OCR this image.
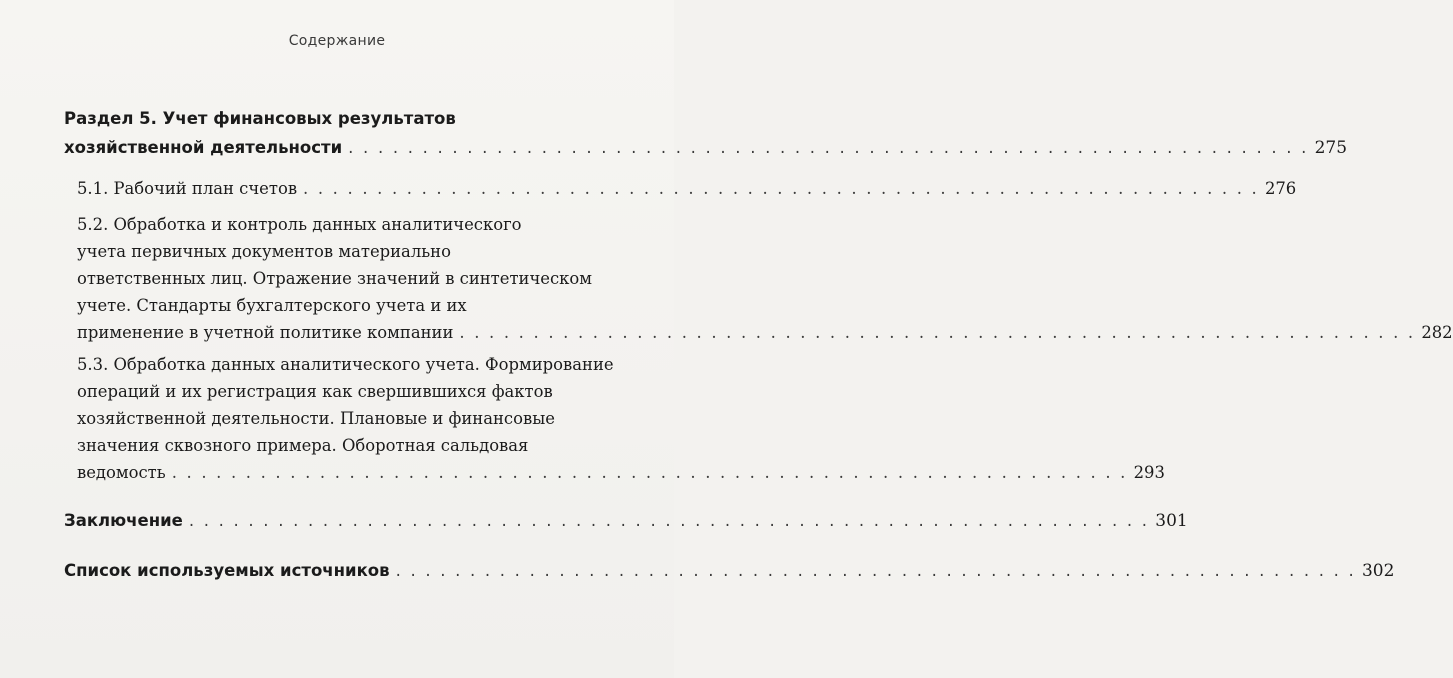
Содержание
Раздел 5. Учет финансовых результатов
хозяйственной деятельности . . . . . . . . . . . . . . . . . . . . . . . . . . . . . . . . . . . . . . . . . . . . . . . . . . . . . . . . . . . . . . . . . 275
5.1. Рабочий план счетов . . . . . . . . . . . . . . . . . . . . . . . . . . . . . . . . . . . . . . . . . . . . . . . . . . . . . . . . . . . . . . . . . 276
5.2. Обработка и контроль данных аналитического
учета первичных документов материально
ответственных лиц. Отражение значений в синтетическом
учете. Стандарты бухгалтерского учета и их
применение в учетной политике компании . . . . . . . . . . . . . . . . . . . . . . . . . . . . . . . . . . . . . . . . . . . . . . . . . . . . . . . . . . . . . . . . . 282
5.3. Обработка данных аналитического учета. Формирование
операций и их регистрация как свершившихся фактов
хозяйственной деятельности. Плановые и финансовые
значения сквозного примера. Оборотная сальдовая
ведомость . . . . . . . . . . . . . . . . . . . . . . . . . . . . . . . . . . . . . . . . . . . . . . . . . . . . . . . . . . . . . . . . . 293
Заключение . . . . . . . . . . . . . . . . . . . . . . . . . . . . . . . . . . . . . . . . . . . . . . . . . . . . . . . . . . . . . . . . . 301
Список используемых источников . . . . . . . . . . . . . . . . . . . . . . . . . . . . . . . . . . . . . . . . . . . . . . . . . . . . . . . . . . . . . . . . . 302
